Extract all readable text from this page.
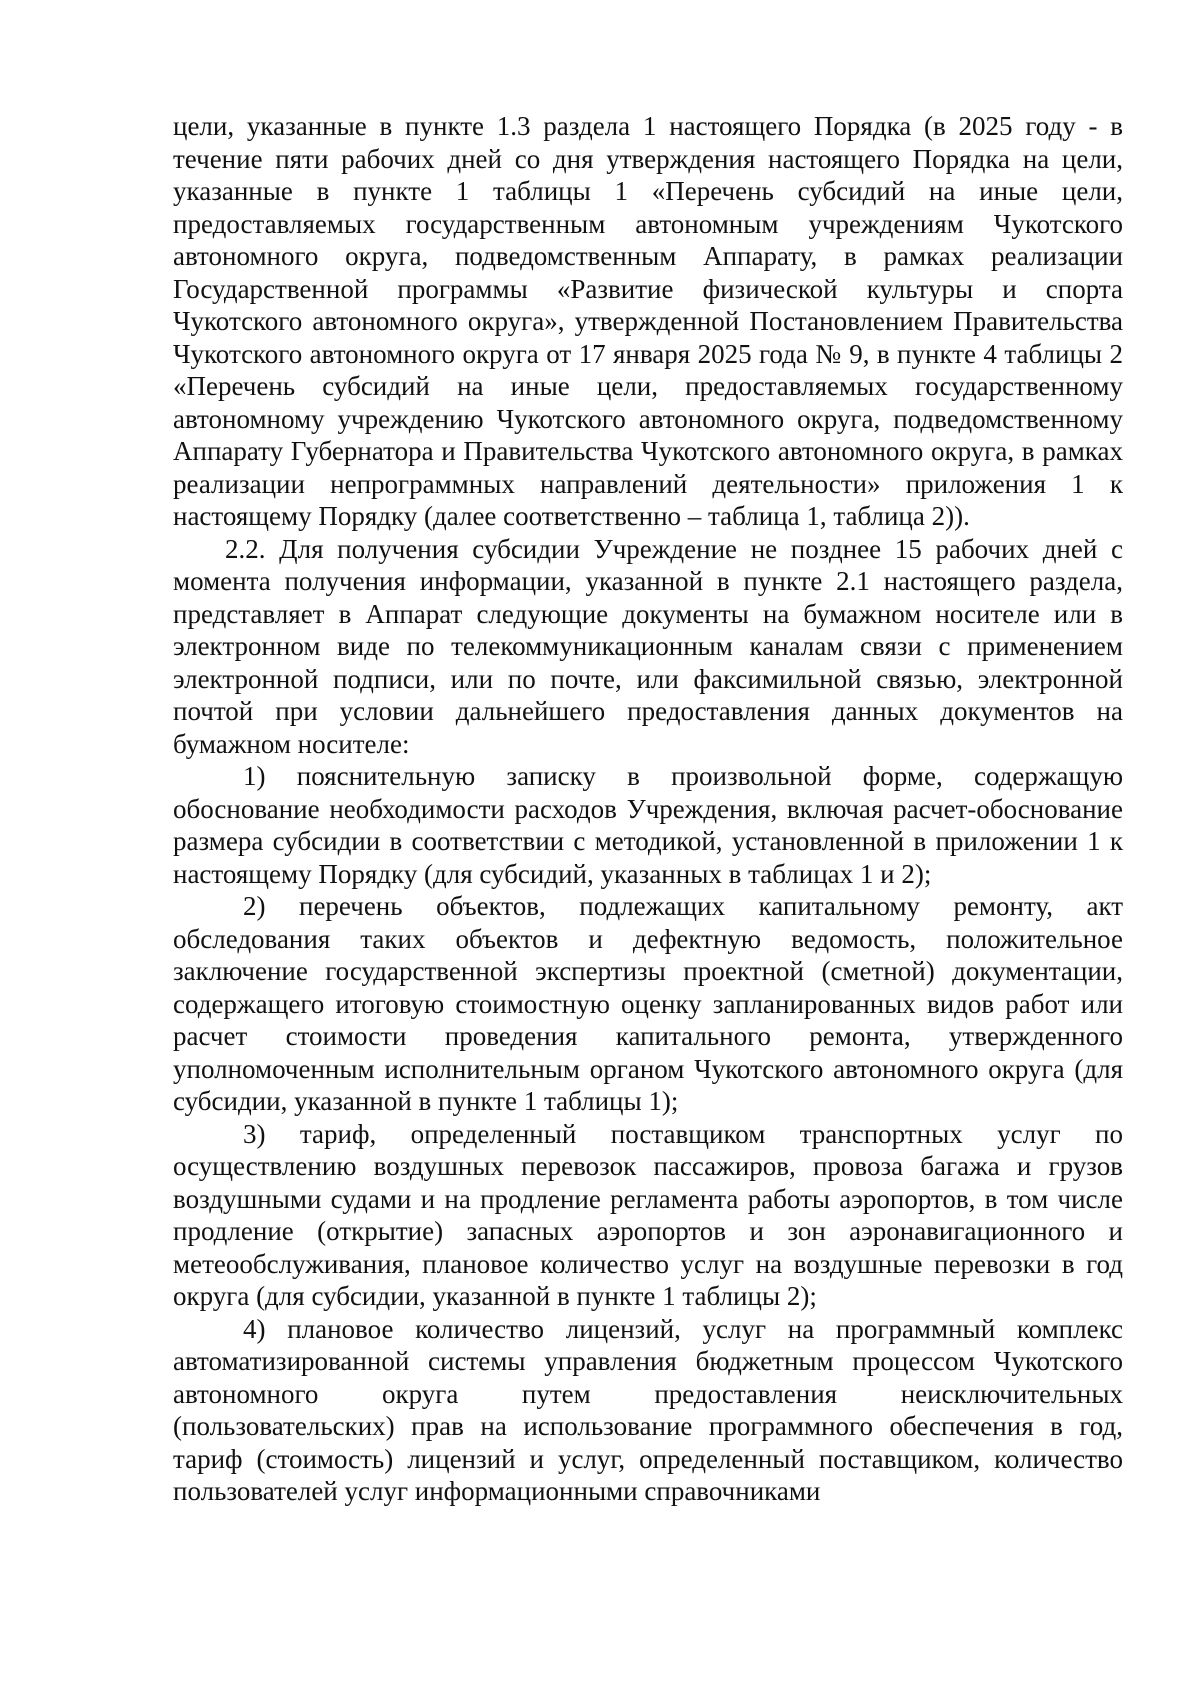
цели, указанные в пункте 1.3 раздела 1 настоящего Порядка (в 2025 году - в течение пяти рабочих дней со дня утверждения настоящего Порядка на цели, указанные в пункте 1 таблицы 1 «Перечень субсидий на иные цели, предоставляемых государственным автономным учреждениям Чукотского автономного округа, подведомственным Аппарату, в рамках реализации Государственной программы «Развитие физической культуры и спорта Чукотского автономного округа», утвержденной Постановлением Правительства Чукотского автономного округа от 17 января 2025 года № 9, в пункте 4 таблицы 2 «Перечень субсидий на иные цели, предоставляемых государственному автономному учреждению Чукотского автономного округа, подведомственному Аппарату Губернатора и Правительства Чукотского автономного округа, в рамках реализации непрограммных направлений деятельности» приложения 1 к настоящему Порядку (далее соответственно – таблица 1, таблица 2)).

2.2. Для получения субсидии Учреждение не позднее 15 рабочих дней с момента получения информации, указанной в пункте 2.1 настоящего раздела, представляет в Аппарат следующие документы на бумажном носителе или в электронном виде по телекоммуникационным каналам связи с применением электронной подписи, или по почте, или факсимильной связью, электронной почтой при условии дальнейшего предоставления данных документов на бумажном носителе:

1) пояснительную записку в произвольной форме, содержащую обоснование необходимости расходов Учреждения, включая расчет-обоснование размера субсидии в соответствии с методикой, установленной в приложении 1 к настоящему Порядку (для субсидий, указанных в таблицах 1 и 2);

2) перечень объектов, подлежащих капитальному ремонту, акт обследования таких объектов и дефектную ведомость, положительное заключение государственной экспертизы проектной (сметной) документации, содержащего итоговую стоимостную оценку запланированных видов работ или расчет стоимости проведения капитального ремонта, утвержденного уполномоченным исполнительным органом Чукотского автономного округа (для субсидии, указанной в пункте 1 таблицы 1);

3) тариф, определенный поставщиком транспортных услуг по осуществлению воздушных перевозок пассажиров, провоза багажа и грузов воздушными судами и на продление регламента работы аэропортов, в том числе продление (открытие) запасных аэропортов и зон аэронавигационного и метеообслуживания, плановое количество услуг на воздушные перевозки в год округа (для субсидии, указанной в пункте 1 таблицы 2);

4) плановое количество лицензий, услуг на программный комплекс автоматизированной системы управления бюджетным процессом Чукотского автономного округа путем предоставления неисключительных (пользовательских) прав на использование программного обеспечения в год, тариф (стоимость) лицензий и услуг, определенный поставщиком, количество пользователей услуг информационными справочниками
